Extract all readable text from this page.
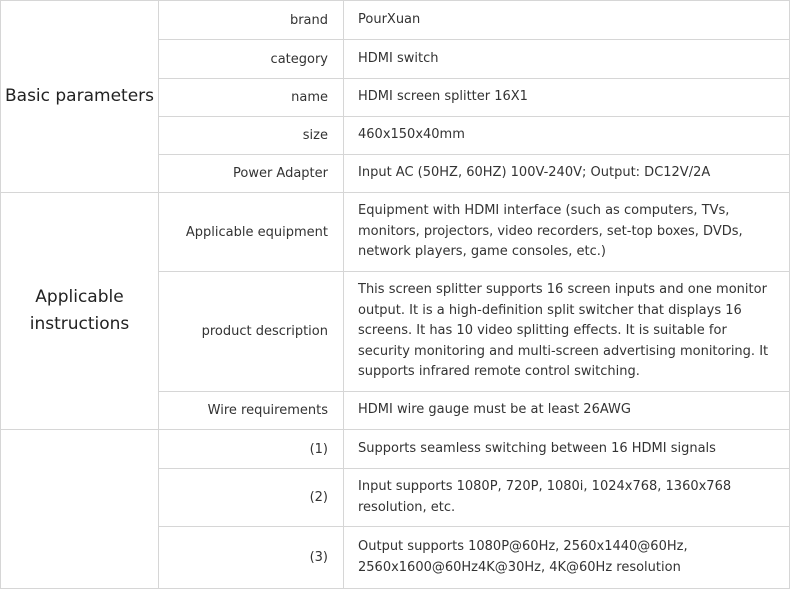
Basic parameters
brand PourXuan
category HDMI switch
name HDMI screen splitter 16X1
size 460x150x40mm
Power Adapter Input AC (50HZ, 60HZ) 100V-240V; Output: DC12V/2A
Applicable instructions
Applicable equipment
Equipment with HDMI interface (such as computers, TVs, monitors, projectors, video recorders, set-top boxes, DVDs, network players, game consoles, etc.)
product description
This screen splitter supports 16 screen inputs and one monitor output. It is a high-definition split switcher that displays 16 screens. It has 10 video splitting effects. It is suitable for security monitoring and multi-screen advertising monitoring. It supports infrared remote control switching.
Wire requirements HDMI wire gauge must be at least 26AWG
(1) Supports seamless switching between 16 HDMI signals
(2)
Input supports 1080P, 720P, 1080i, 1024x768, 1360x768 resolution, etc.
(3)
Output supports 1080P@60Hz, 2560x1440@60Hz, 2560x1600@60Hz4K@30Hz, 4K@60Hz resolution
